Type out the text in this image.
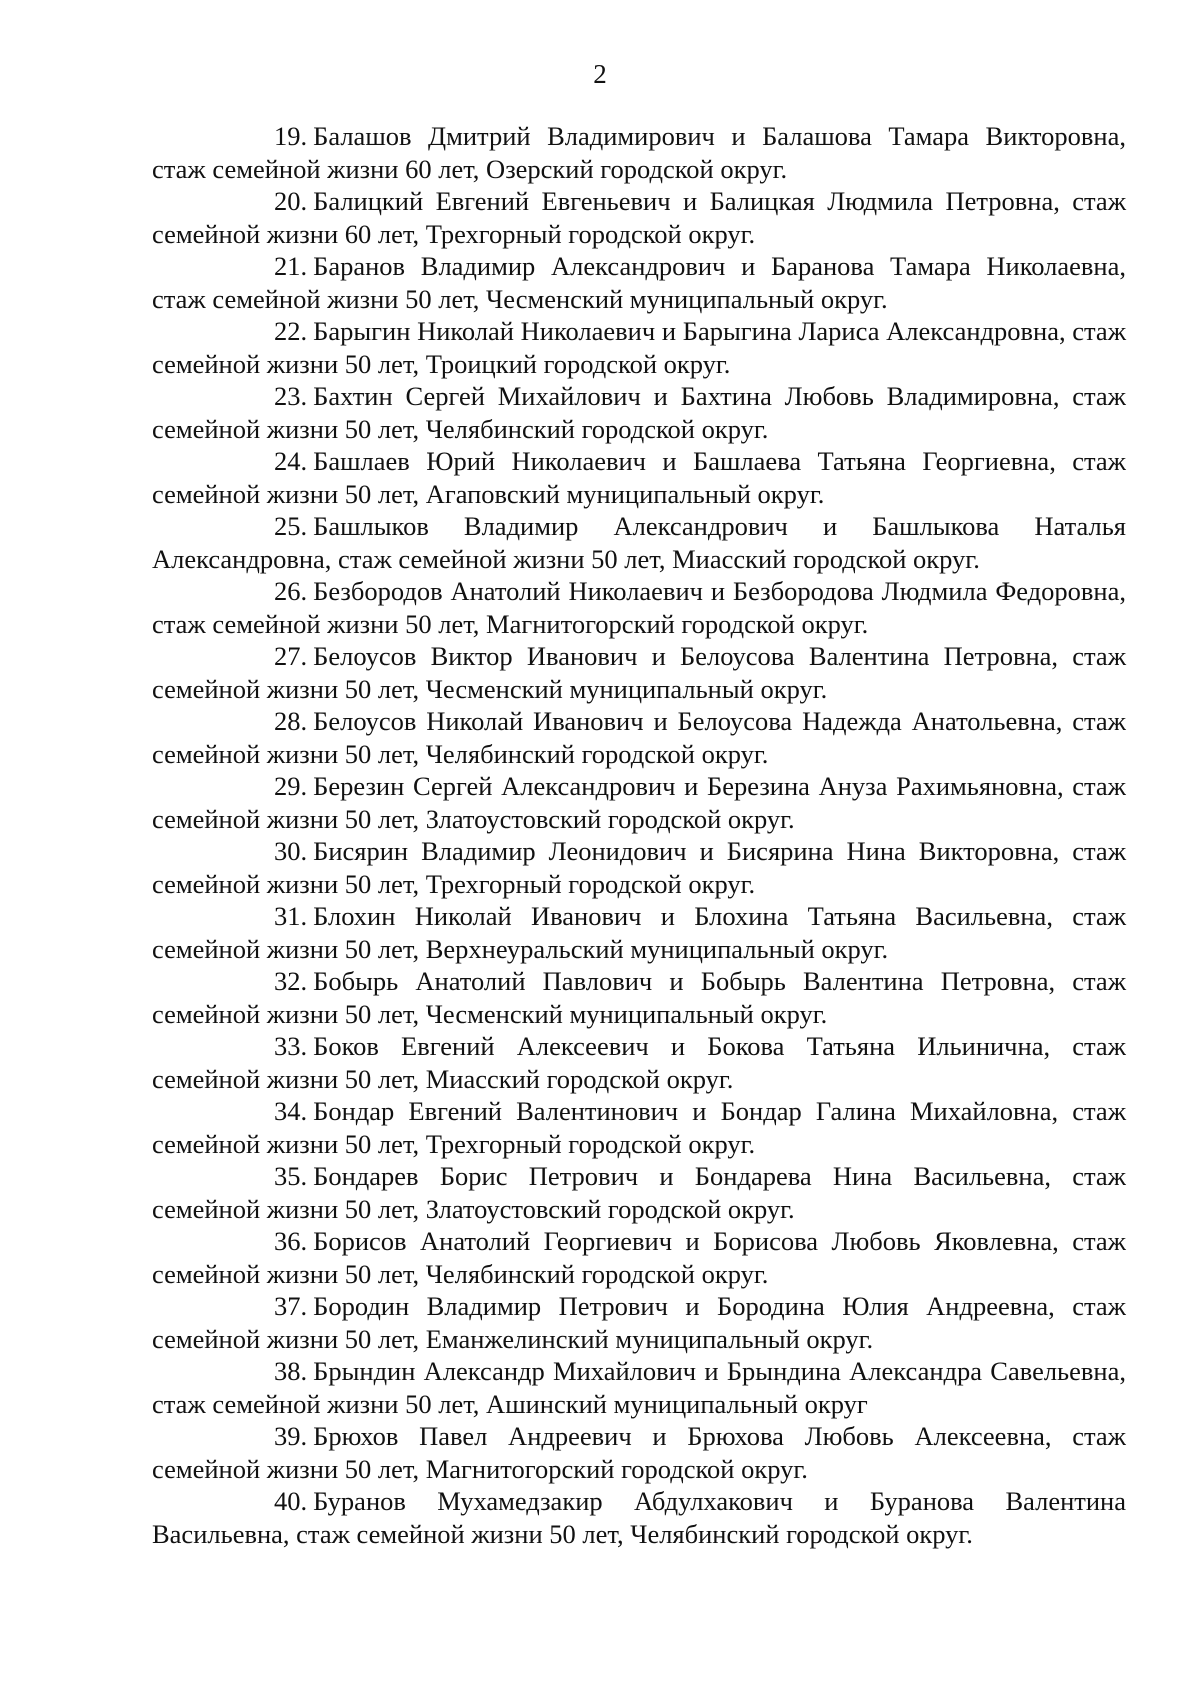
2

19. Балашов Дмитрий Владимирович и Балашова Тамара Викторовна, стаж семейной жизни 60 лет, Озерский городской округ.

20. Балицкий Евгений Евгеньевич и Балицкая Людмила Петровна, стаж семейной жизни 60 лет, Трехгорный городской округ.

21. Баранов Владимир Александрович и Баранова Тамара Николаевна, стаж семейной жизни 50 лет, Чесменский муниципальный округ.

22. Барыгин Николай Николаевич и Барыгина Лариса Александровна, стаж семейной жизни 50 лет, Троицкий городской округ.

23. Бахтин Сергей Михайлович и Бахтина Любовь Владимировна, стаж семейной жизни 50 лет, Челябинский городской округ.

24. Башлаев Юрий Николаевич и Башлаева Татьяна Георгиевна, стаж семейной жизни 50 лет, Агаповский муниципальный округ.

25. Башлыков Владимир Александрович и Башлыкова Наталья Александровна, стаж семейной жизни 50 лет, Миасский городской округ.

26. Безбородов Анатолий Николаевич и Безбородова Людмила Федоровна, стаж семейной жизни 50 лет, Магнитогорский городской округ.

27. Белоусов Виктор Иванович и Белоусова Валентина Петровна, стаж семейной жизни 50 лет, Чесменский муниципальный округ.

28. Белоусов Николай Иванович и Белоусова Надежда Анатольевна, стаж семейной жизни 50 лет, Челябинский городской округ.

29. Березин Сергей Александрович и Березина Ануза Рахимьяновна, стаж семейной жизни 50 лет, Златоустовский городской округ.

30. Бисярин Владимир Леонидович и Бисярина Нина Викторовна, стаж семейной жизни 50 лет, Трехгорный городской округ.

31. Блохин Николай Иванович и Блохина Татьяна Васильевна, стаж семейной жизни 50 лет, Верхнеуральский муниципальный округ.

32. Бобырь Анатолий Павлович и Бобырь Валентина Петровна, стаж семейной жизни 50 лет, Чесменский муниципальный округ.

33. Боков Евгений Алексеевич и Бокова Татьяна Ильинична, стаж семейной жизни 50 лет, Миасский городской округ.

34. Бондар Евгений Валентинович и Бондар Галина Михайловна, стаж семейной жизни 50 лет, Трехгорный городской округ.

35. Бондарев Борис Петрович и Бондарева Нина Васильевна, стаж семейной жизни 50 лет, Златоустовский городской округ.

36. Борисов Анатолий Георгиевич и Борисова Любовь Яковлевна, стаж семейной жизни 50 лет, Челябинский городской округ.

37. Бородин Владимир Петрович и Бородина Юлия Андреевна, стаж семейной жизни 50 лет, Еманжелинский муниципальный округ.

38. Брындин Александр Михайлович и Брындина Александра Савельевна, стаж семейной жизни 50 лет, Ашинский муниципальный округ

39. Брюхов Павел Андреевич и Брюхова Любовь Алексеевна, стаж семейной жизни 50 лет, Магнитогорский городской округ.

40. Буранов Мухамедзакир Абдулхакович и Буранова Валентина Васильевна, стаж семейной жизни 50 лет, Челябинский городской округ.
